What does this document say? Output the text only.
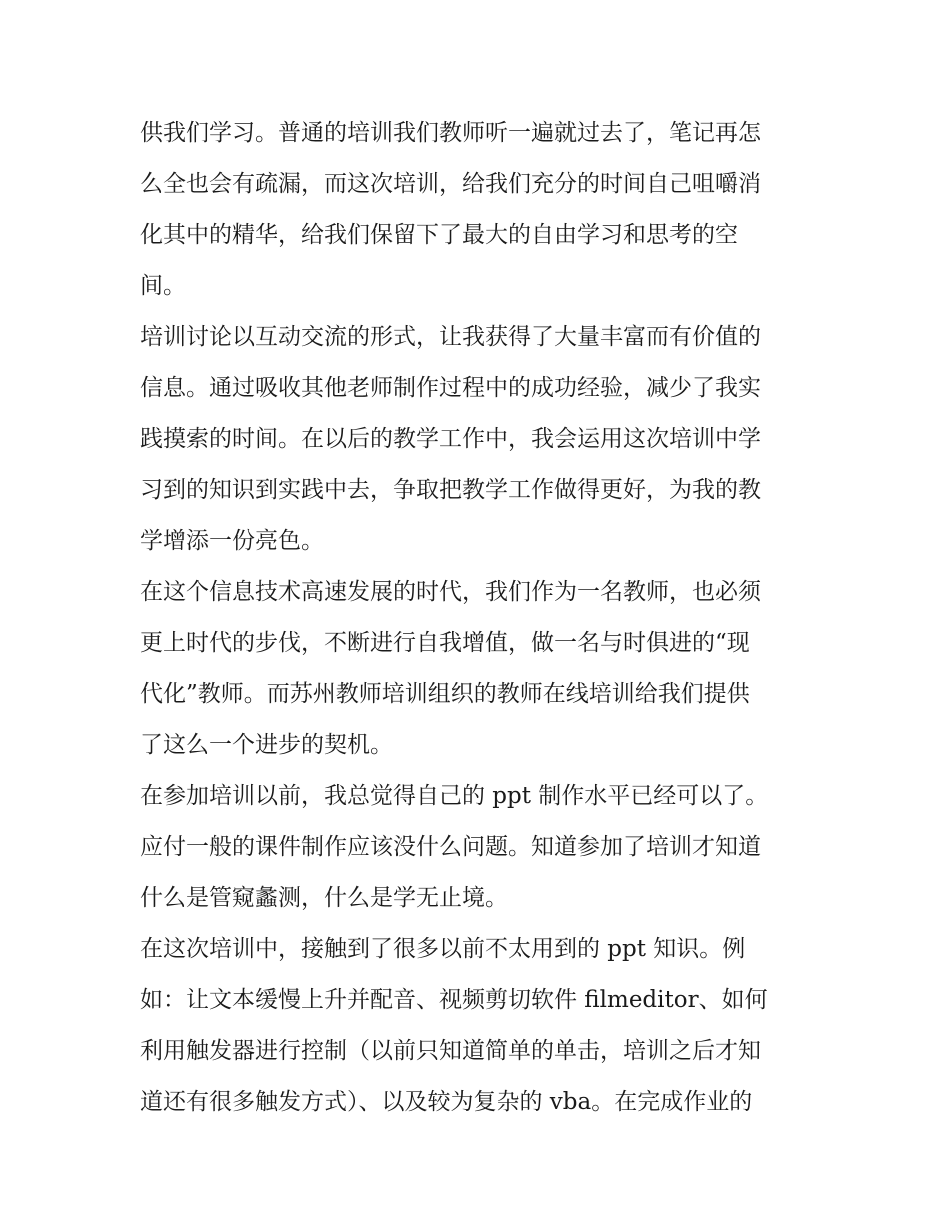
供我们学习。普通的培训我们教师听一遍就过去了，笔记再怎
么全也会有疏漏，而这次培训，给我们充分的时间自己咀嚼消
化其中的精华，给我们保留下了最大的自由学习和思考的空
间。
培训讨论以互动交流的形式，让我获得了大量丰富而有价值的
信息。通过吸收其他老师制作过程中的成功经验，减少了我实
践摸索的时间。在以后的教学工作中，我会运用这次培训中学
习到的知识到实践中去，争取把教学工作做得更好，为我的教
学增添一份亮色。
在这个信息技术高速发展的时代，我们作为一名教师，也必须
更上时代的步伐，不断进行自我增值，做一名与时俱进的“现
代化”教师。而苏州教师培训组织的教师在线培训给我们提供
了这么一个进步的契机。
在参加培训以前，我总觉得自己的 ppt 制作水平已经可以了。
应付一般的课件制作应该没什么问题。知道参加了培训才知道
什么是管窥蠡测，什么是学无止境。
在这次培训中，接触到了很多以前不太用到的 ppt 知识。例
如：让文本缓慢上升并配音、视频剪切软件 filmeditor、如何
利用触发器进行控制（以前只知道简单的单击，培训之后才知
道还有很多触发方式）、以及较为复杂的 vba。在完成作业的
